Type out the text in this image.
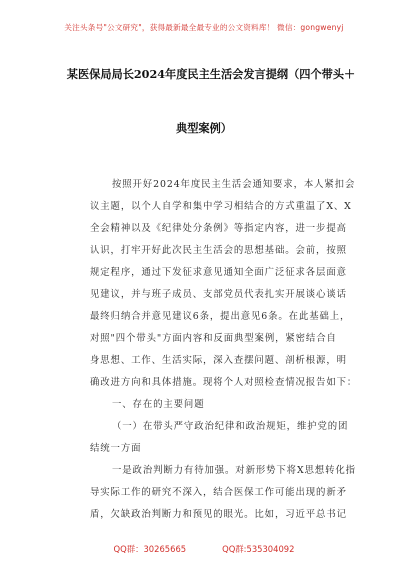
关注头条号"公文研究"，获得最新最全最专业的公文资料库！ 微信：gongwenyj
某医保局局长2024年度民主生活会发言提纲（四个带头＋
典型案例）
按照开好2024年度民主生活会通知要求，本人紧扣会
议主题，以个人自学和集中学习相结合的方式重温了X、X
全会精神以及《纪律处分条例》等指定内容，进一步提高
认识，打牢开好此次民主生活会的思想基础。会前，按照
规定程序，通过下发征求意见通知全面广泛征求各层面意
见建议，并与班子成员、支部党员代表扎实开展谈心谈话
最终归纳合并意见建议6条，提出意见6条。在此基础上，
对照"四个带头"方面内容和反面典型案例，紧密结合自
身思想、工作、生活实际，深入查摆问题、剖析根源，明
确改进方向和具体措施。现将个人对照检查情况报告如下：
一、存在的主要问题
（一）在带头严守政治纪律和政治规矩，维护党的团
结统一方面
一是政治判断力有待加强。对新形势下将X思想转化指
导实际工作的研究不深入，结合医保工作可能出现的新矛
盾，欠缺政治判断力和预见的眼光。比如，习近平总书记
QQ群：30265665	QQ群:535304092
